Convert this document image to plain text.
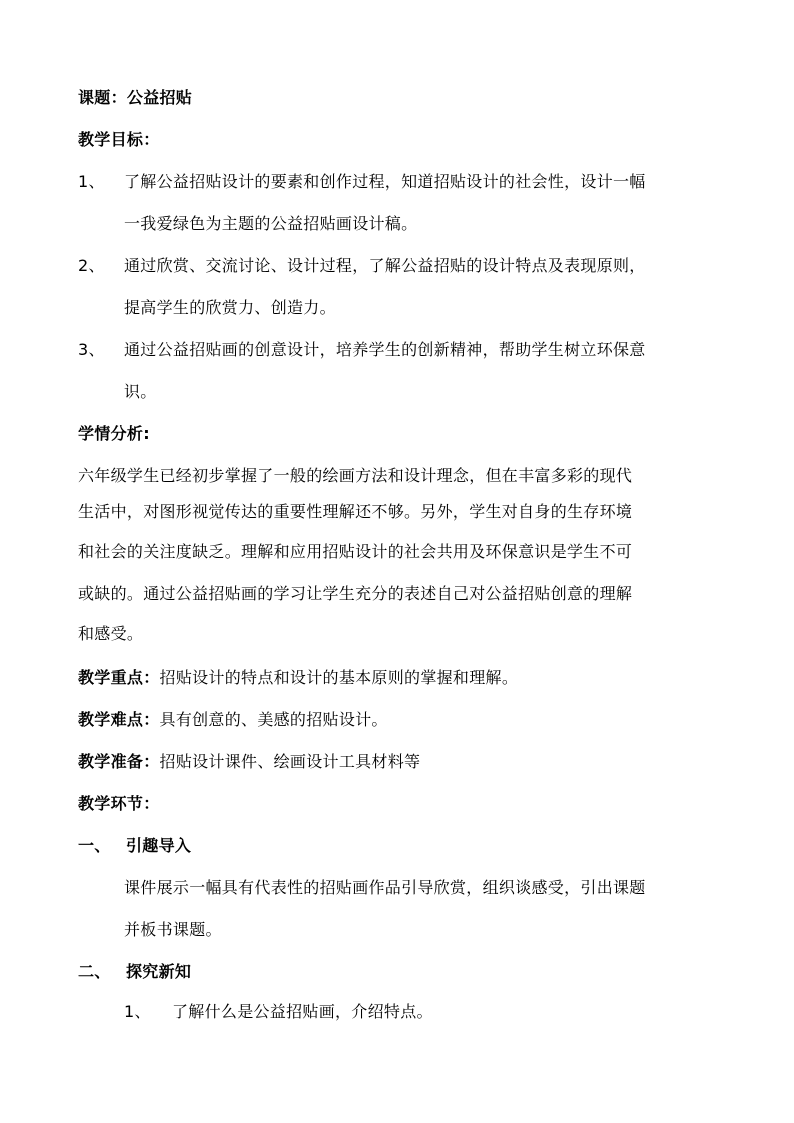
课题：公益招贴
教学目标：
1、 了解公益招贴设计的要素和创作过程，知道招贴设计的社会性，设计一幅
一我爱绿色为主题的公益招贴画设计稿。
2、 通过欣赏、交流讨论、设计过程，了解公益招贴的设计特点及表现原则，
提高学生的欣赏力、创造力。
3、 通过公益招贴画的创意设计，培养学生的创新精神，帮助学生树立环保意
识。
学情分析:
六年级学生已经初步掌握了一般的绘画方法和设计理念，但在丰富多彩的现代
生活中，对图形视觉传达的重要性理解还不够。另外，学生对自身的生存环境
和社会的关注度缺乏。理解和应用招贴设计的社会共用及环保意识是学生不可
或缺的。通过公益招贴画的学习让学生充分的表述自己对公益招贴创意的理解
和感受。
教学重点：招贴设计的特点和设计的基本原则的掌握和理解。
教学难点：具有创意的、美感的招贴设计。
教学准备：招贴设计课件、绘画设计工具材料等
教学环节：
一、 引趣导入
课件展示一幅具有代表性的招贴画作品引导欣赏，组织谈感受，引出课题
并板书课题。
二、 探究新知
1、 了解什么是公益招贴画，介绍特点。
